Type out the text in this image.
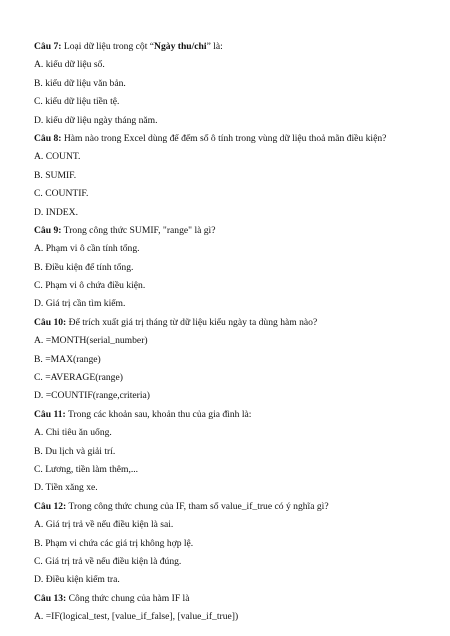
Câu 7: Loại dữ liệu trong cột “Ngày thu/chi” là:
A. kiểu dữ liệu số.
B. kiểu dữ liệu văn bản.
C. kiểu dữ liệu tiền tệ.
D. kiểu dữ liệu ngày tháng năm.
Câu 8: Hàm nào trong Excel dùng để đếm số ô tính trong vùng dữ liệu thoả mãn điều kiện?
A. COUNT.
B. SUMIF.
C. COUNTIF.
D. INDEX.
Câu 9: Trong công thức SUMIF, "range" là gì?
A. Phạm vi ô cần tính tổng.
B. Điều kiện để tính tổng.
C. Phạm vi ô chứa điều kiện.
D. Giá trị cần tìm kiếm.
Câu 10: Để trích xuất giá trị tháng từ dữ liệu kiểu ngày ta dùng hàm nào?
A. =MONTH(serial_number)
B. =MAX(range)
C. =AVERAGE(range)
D. =COUNTIF(range,criteria)
Câu 11: Trong các khoản sau, khoản thu của gia đình là:
A. Chi tiêu ăn uống.
B. Du lịch và giải trí.
C. Lương, tiền làm thêm,...
D. Tiền xăng xe.
Câu 12: Trong công thức chung của IF, tham số value_if_true có ý nghĩa gì?
A. Giá trị trả về nếu điều kiện là sai.
B. Phạm vi chứa các giá trị không hợp lệ.
C. Giá trị trả về nếu điều kiện là đúng.
D. Điều kiện kiểm tra.
Câu 13: Công thức chung của hàm IF là
A. =IF(logical_test, [value_if_false], [value_if_true])
